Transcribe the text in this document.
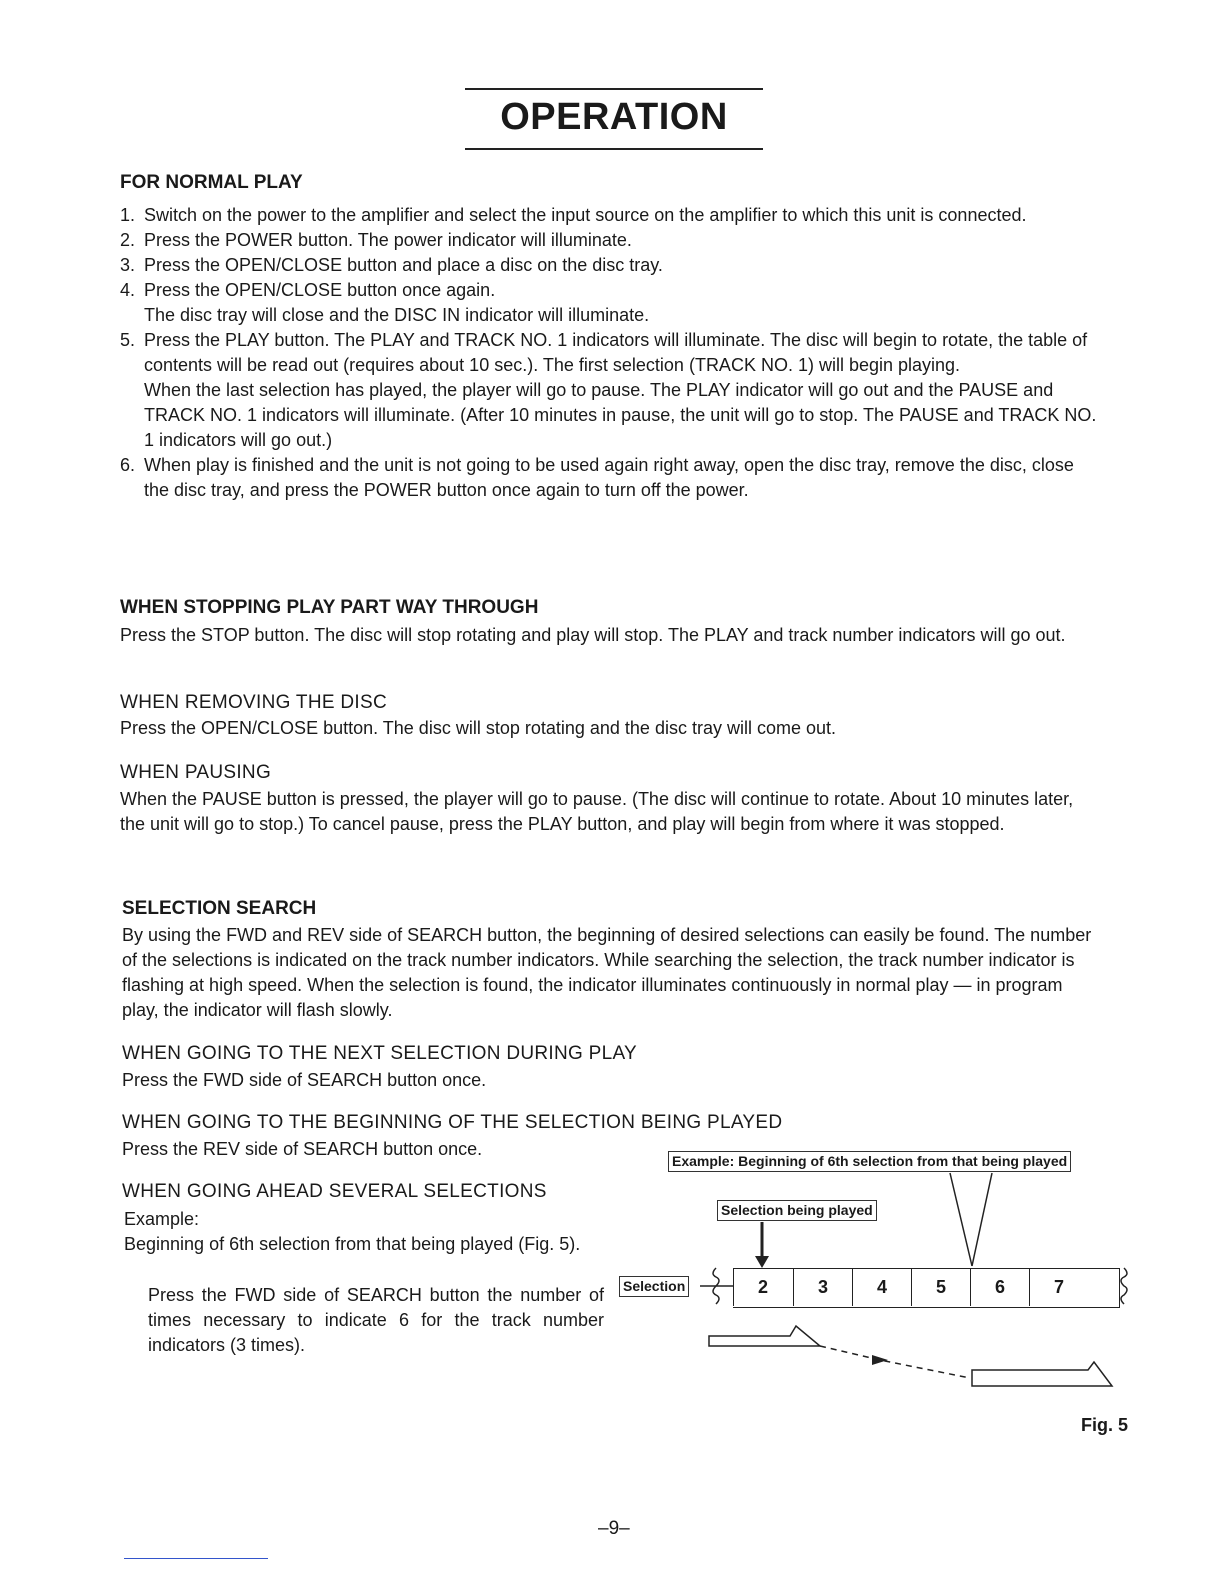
OPERATION
FOR NORMAL PLAY
1. Switch on the power to the amplifier and select the input source on the amplifier to which this unit is connected.
2. Press the POWER button. The power indicator will illuminate.
3. Press the OPEN/CLOSE button and place a disc on the disc tray.
4. Press the OPEN/CLOSE button once again.
The disc tray will close and the DISC IN indicator will illuminate.
5. Press the PLAY button. The PLAY and TRACK NO. 1 indicators will illuminate. The disc will begin to rotate, the table of contents will be read out (requires about 10 sec.). The first selection (TRACK NO. 1) will begin playing.
When the last selection has played, the player will go to pause. The PLAY indicator will go out and the PAUSE and TRACK NO. 1 indicators will illuminate. (After 10 minutes in pause, the unit will go to stop. The PAUSE and TRACK NO. 1 indicators will go out.)
6. When play is finished and the unit is not going to be used again right away, open the disc tray, remove the disc, close the disc tray, and press the POWER button once again to turn off the power.
WHEN STOPPING PLAY PART WAY THROUGH
Press the STOP button. The disc will stop rotating and play will stop. The PLAY and track number indicators will go out.
WHEN REMOVING THE DISC
Press the OPEN/CLOSE button. The disc will stop rotating and the disc tray will come out.
WHEN PAUSING
When the PAUSE button is pressed, the player will go to pause. (The disc will continue to rotate. About 10 minutes later, the unit will go to stop.) To cancel pause, press the PLAY button, and play will begin from where it was stopped.
SELECTION SEARCH
By using the FWD and REV side of SEARCH button, the beginning of desired selections can easily be found. The number of the selections is indicated on the track number indicators. While searching the selection, the track number indicator is flashing at high speed. When the selection is found, the indicator illuminates continuously in normal play — in program play, the indicator will flash slowly.
WHEN GOING TO THE NEXT SELECTION DURING PLAY
Press the FWD side of SEARCH button once.
WHEN GOING TO THE BEGINNING OF THE SELECTION BEING PLAYED
Press the REV side of SEARCH button once.
WHEN GOING AHEAD SEVERAL SELECTIONS
Example:
Beginning of 6th selection from that being played (Fig. 5).
Press the FWD side of SEARCH button the number of times necessary to indicate 6 for the track number indicators (3 times).
Example: Beginning of 6th selection from that being played
Selection being played
Selection	2	3	4	5	6	7
Fig. 5
–9–
